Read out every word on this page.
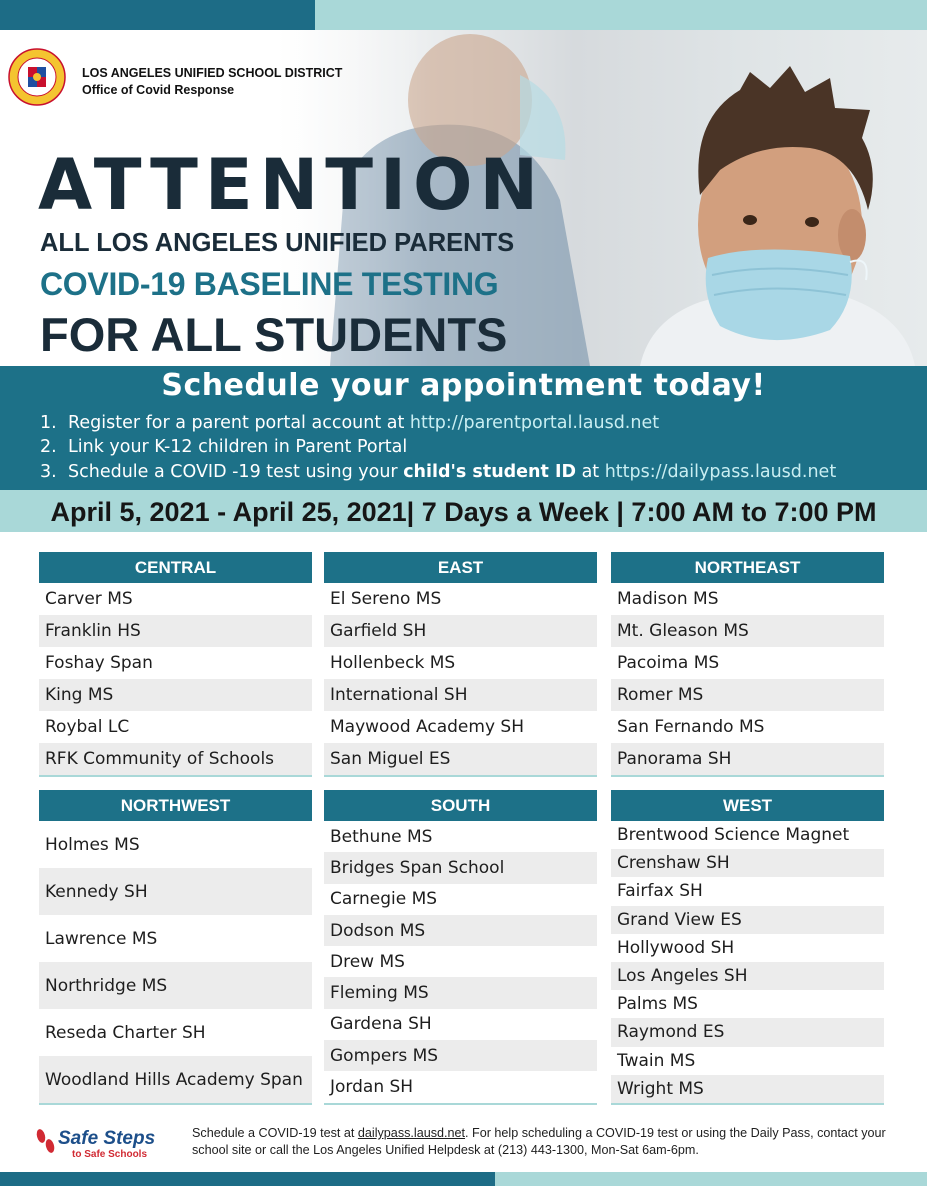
LOS ANGELES UNIFIED SCHOOL DISTRICT
Office of Covid Response
ATTENTION
ALL LOS ANGELES UNIFIED PARENTS
COVID-19 BASELINE TESTING
FOR ALL STUDENTS
Schedule your appointment today!
1. Register for a parent portal account at http://parentportal.lausd.net
2. Link your K-12 children in Parent Portal
3. Schedule a COVID -19 test using your child's student ID at https://dailypass.lausd.net
April 5, 2021 - April 25, 2021| 7 Days a Week | 7:00 AM to 7:00 PM
CENTRAL
Carver MS
Franklin HS
Foshay Span
King MS
Roybal LC
RFK Community of Schools
EAST
El Sereno MS
Garfield SH
Hollenbeck MS
International SH
Maywood Academy SH
San Miguel ES
NORTHEAST
Madison MS
Mt. Gleason MS
Pacoima MS
Romer MS
San Fernando MS
Panorama SH
NORTHWEST
Holmes MS
Kennedy SH
Lawrence MS
Northridge MS
Reseda Charter SH
Woodland Hills Academy Span
SOUTH
Bethune MS
Bridges Span School
Carnegie MS
Dodson MS
Drew MS
Fleming MS
Gardena SH
Gompers MS
Jordan SH
WEST
Brentwood Science Magnet
Crenshaw SH
Fairfax SH
Grand View ES
Hollywood SH
Los Angeles SH
Palms MS
Raymond ES
Twain MS
Wright MS
Safe Steps
to Safe Schools
Schedule a COVID-19 test at dailypass.lausd.net. For help scheduling a COVID-19 test or using the Daily Pass, contact your school site or call the Los Angeles Unified Helpdesk at (213) 443-1300, Mon-Sat 6am-6pm.
